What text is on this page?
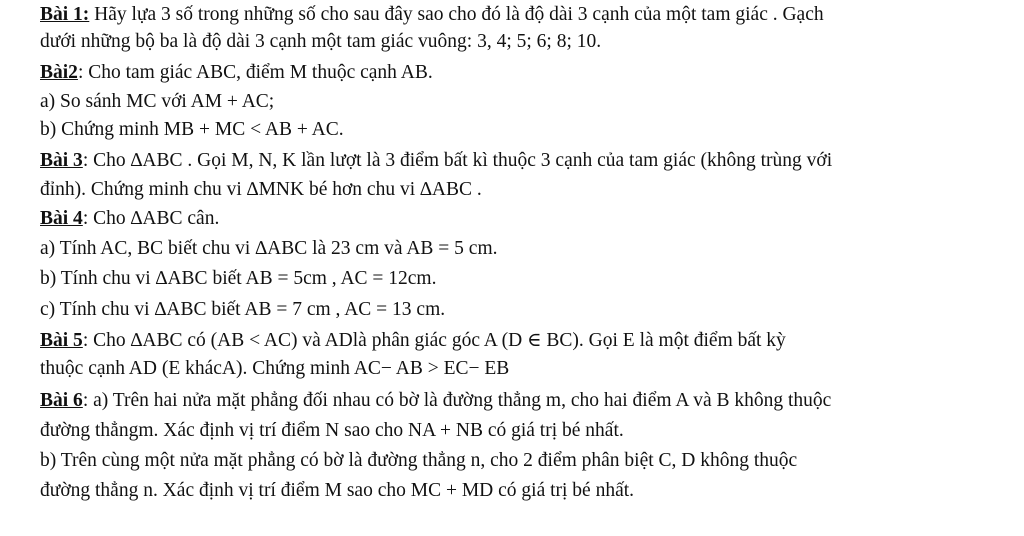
Bài 1: Hãy lựa 3 số trong những số cho sau đây sao cho đó là độ dài 3 cạnh của một tam giác . Gạch
dưới những bộ ba là độ dài 3 cạnh một tam giác vuông: 3, 4; 5; 6; 8; 10.
Bài2: Cho tam giác ABC, điểm M thuộc cạnh AB.
a) So sánh MC với AM + AC;
b) Chứng minh MB + MC < AB + AC.
Bài 3: Cho ∆ABC . Gọi M, N, K lần lượt là 3 điểm bất kì thuộc 3 cạnh của tam giác (không trùng với
đỉnh). Chứng minh chu vi ∆MNK bé hơn chu vi ∆ABC .
Bài 4: Cho ∆ABC cân.
a) Tính AC, BC biết chu vi ∆ABC là 23 cm và AB = 5 cm.
b) Tính chu vi ∆ABC biết AB = 5cm , AC = 12cm.
c) Tính chu vi ∆ABC biết AB = 7 cm , AC = 13 cm.
Bài 5: Cho ∆ABC có (AB < AC) và ADlà phân giác góc A (D ∈ BC). Gọi E là một điểm bất kỳ
thuộc cạnh AD (E khácA). Chứng minh AC− AB > EC− EB
Bài 6: a) Trên hai nửa mặt phẳng đối nhau có bờ là đường thẳng m, cho hai điểm A và B không thuộc
đường thẳngm. Xác định vị trí điểm N sao cho NA + NB có giá trị bé nhất.
b) Trên cùng một nửa mặt phẳng có bờ là đường thẳng n, cho 2 điểm phân biệt C, D không thuộc
đường thẳng n. Xác định vị trí điểm M sao cho MC + MD có giá trị bé nhất.
